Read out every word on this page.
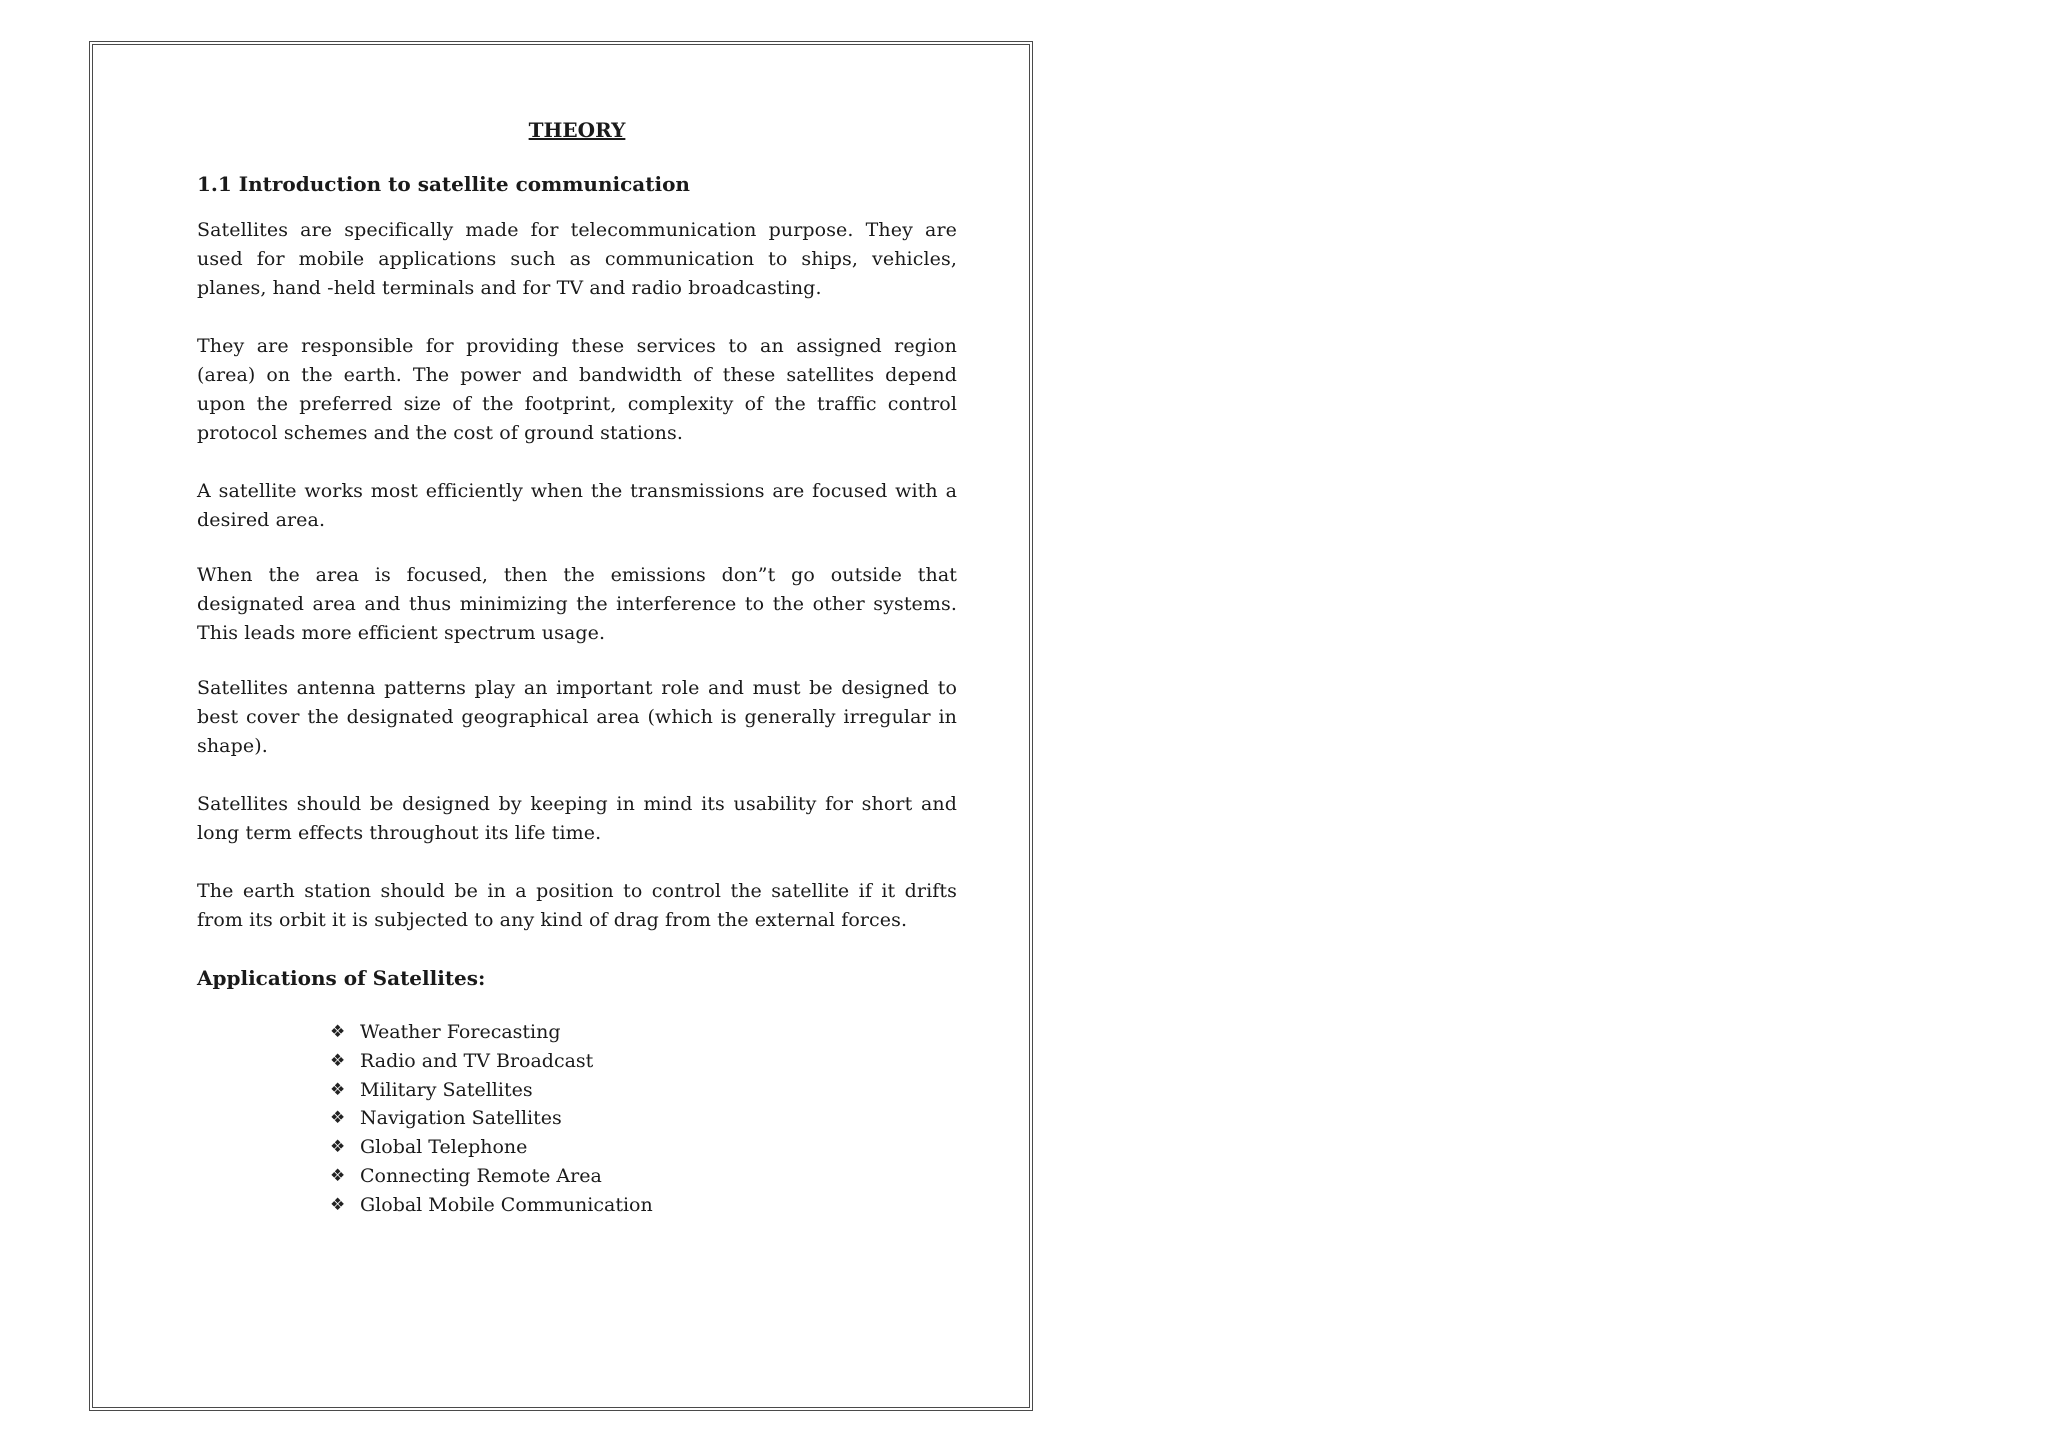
THEORY
1.1 Introduction to satellite communication

Satellites are specifically made for telecommunication purpose. They are used for mobile applications such as communication to ships, vehicles, planes, hand -held terminals and for TV and radio broadcasting.

They are responsible for providing these services to an assigned region (area) on the earth. The power and bandwidth of these satellites depend upon the preferred size of the footprint, complexity of the traffic control protocol schemes and the cost of ground stations.

A satellite works most efficiently when the transmissions are focused with a desired area.

When the area is focused, then the emissions don”t go outside that designated area and thus minimizing the interference to the other systems. This leads more efficient spectrum usage.

Satellites antenna patterns play an important role and must be designed to best cover the designated geographical area (which is generally irregular in shape).

Satellites should be designed by keeping in mind its usability for short and long term effects throughout its life time.

The earth station should be in a position to control the satellite if it drifts from its orbit it is subjected to any kind of drag from the external forces.

Applications of Satellites:
❖ Weather Forecasting
❖ Radio and TV Broadcast
❖ Military Satellites
❖ Navigation Satellites
❖ Global Telephone
❖ Connecting Remote Area
❖ Global Mobile Communication
